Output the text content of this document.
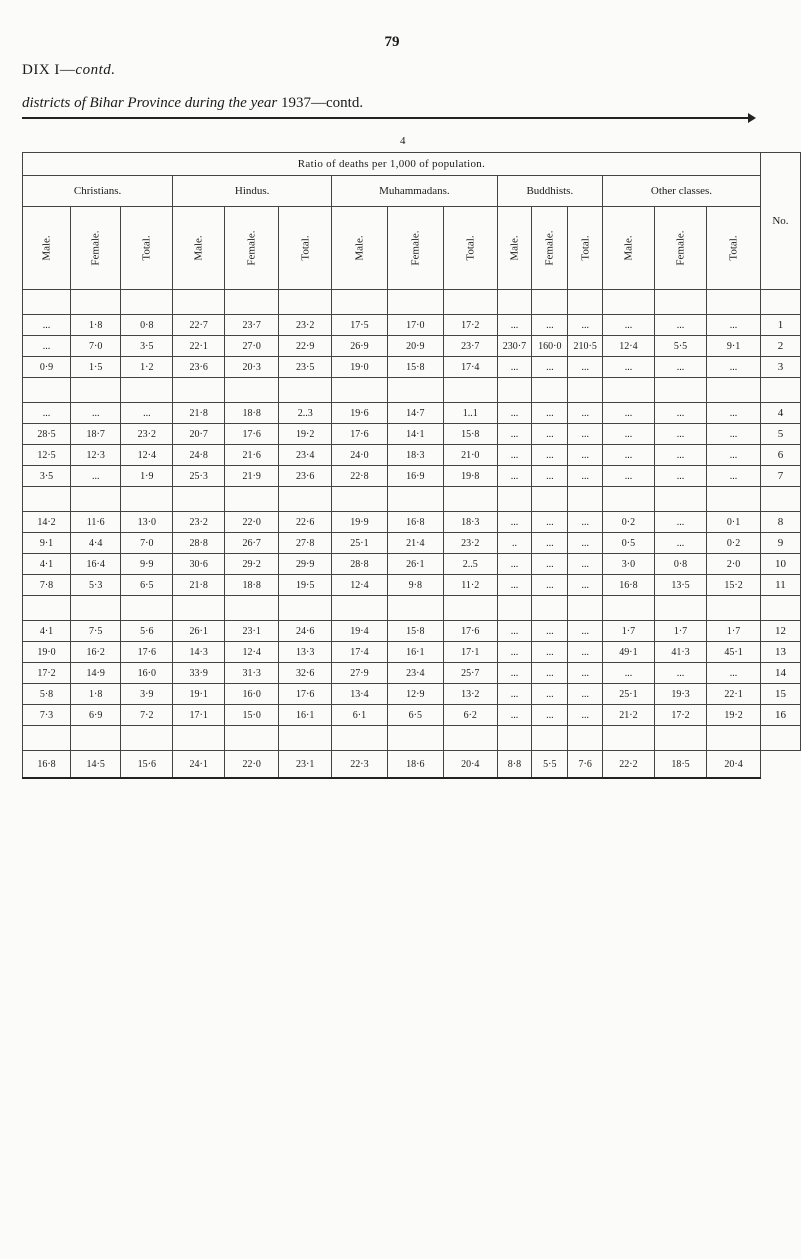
79
DIX I—contd.
districts of Bihar Province during the year 1937—contd.
4
Ratio of deaths per 1,000 of population.															No.
Christians.			Hindus.			Muhammadans.			Buddhists.			Other classes.			
Male.	Female.	Total.	Male.	Female.	Total.	Male.	Female.	Total.	Male.	Female.	Total.	Male.	Female.	Total.	

...	1·8	0·8	22·7	23·7	23·2	17·5	17·0	17·2	...	...	...	...	...	...	1
...	7·0	3·5	22·1	27·0	22·9	26·9	20·9	23·7	230·7	160·0	210·5	12·4	5·5	9·1	2
0·9	1·5	1·2	23·6	20·3	23·5	19·0	15·8	17·4	...	...	...	...	...	...	3

...	...	...	21·8	18·8	2..3	19·6	14·7	1..1	...	...	...	...	...	...	4
28·5	18·7	23·2	20·7	17·6	19·2	17·6	14·1	15·8	...	...	...	...	...	...	5
12·5	12·3	12·4	24·8	21·6	23·4	24·0	18·3	21·0	...	...	...	...	...	...	6
3·5	...	1·9	25·3	21·9	23·6	22·8	16·9	19·8	...	...	...	...	...	...	7

14·2	11·6	13·0	23·2	22·0	22·6	19·9	16·8	18·3	...	...	...	0·2	...	0·1	8
9·1	4·4	7·0	28·8	26·7	27·8	25·1	21·4	23·2	..	...	...	0·5	...	0·2	9
4·1	16·4	9·9	30·6	29·2	29·9	28·8	26·1	2..5	...	...	...	3·0	0·8	2·0	10
7·8	5·3	6·5	21·8	18·8	19·5	12·4	9·8	11·2	...	...	...	16·8	13·5	15·2	11

4·1	7·5	5·6	26·1	23·1	24·6	19·4	15·8	17·6	...	...	...	1·7	1·7	1·7	12
19·0	16·2	17·6	14·3	12·4	13·3	17·4	16·1	17·1	...	...	...	49·1	41·3	45·1	13
17·2	14·9	16·0	33·9	31·3	32·6	27·9	23·4	25·7	...	...	...	...	...	...	14
5·8	1·8	3·9	19·1	16·0	17·6	13·4	12·9	13·2	...	...	...	25·1	19·3	22·1	15
7·3	6·9	7·2	17·1	15·0	16·1	6·1	6·5	6·2	...	...	...	21·2	17·2	19·2	16

16·8	14·5	15·6	24·1	22·0	23·1	22·3	18·6	20·4	8·8	5·5	7·6	22·2	18·5	20·4	
